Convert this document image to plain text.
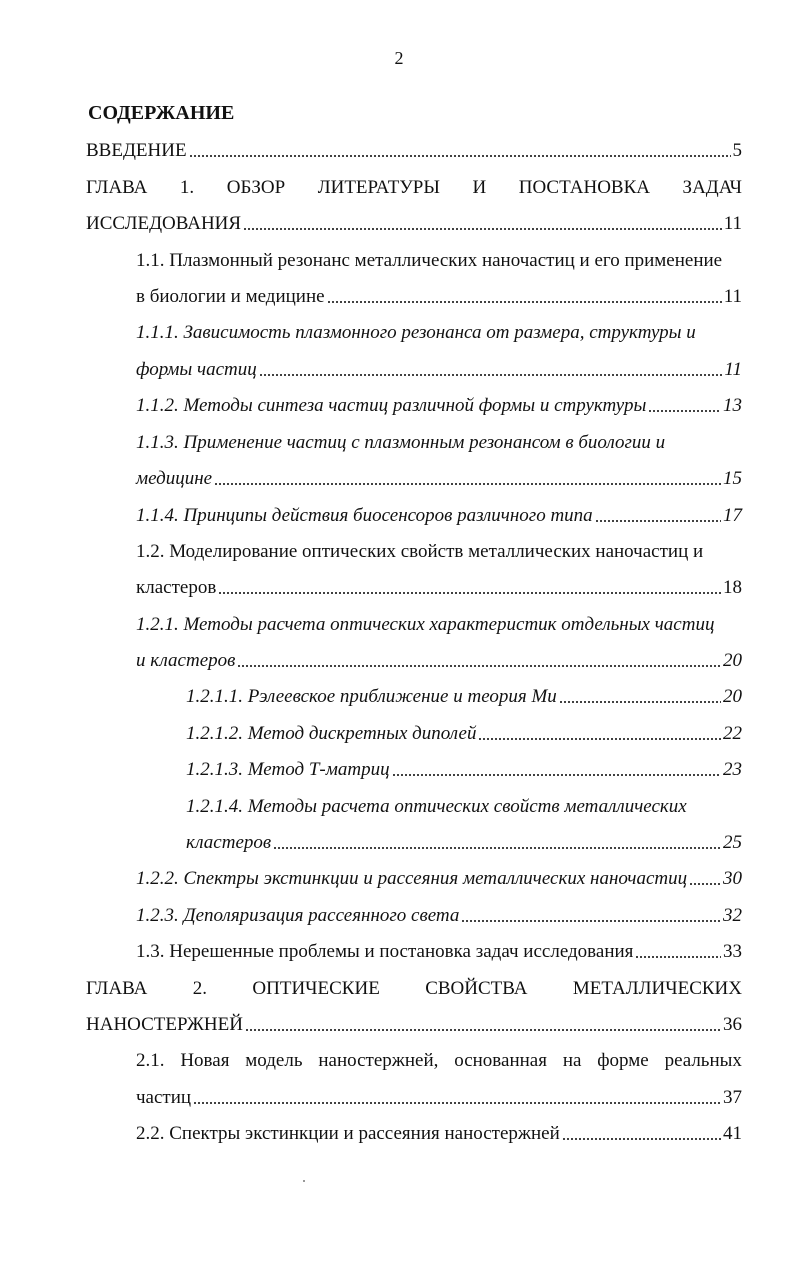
2
СОДЕРЖАНИЕ
ВВЕДЕНИЕ	5
ГЛАВА 1. ОБЗОР ЛИТЕРАТУРЫ И ПОСТАНОВКА ЗАДАЧ
ИССЛЕДОВАНИЯ	11
1.1. Плазмонный резонанс металлических наночастиц и его применение
в биологии и медицине	11
1.1.1. Зависимость плазмонного резонанса от размера, структуры и
формы частиц	11
1.1.2. Методы синтеза частиц различной формы и структуры	13
1.1.3. Применение частиц с плазмонным резонансом в биологии и
медицине	15
1.1.4. Принципы действия биосенсоров различного типа	17
1.2. Моделирование оптических свойств металлических наночастиц и
кластеров	18
1.2.1. Методы расчета оптических характеристик отдельных частиц
и кластеров	20
1.2.1.1. Рэлеевское приближение и теория Ми	20
1.2.1.2. Метод дискретных диполей	22
1.2.1.3. Метод Т-матриц	23
1.2.1.4. Методы расчета оптических свойств металлических
кластеров	25
1.2.2. Спектры экстинкции и рассеяния металлических наночастиц 30
1.2.3. Деполяризация рассеянного света	32
1.3. Нерешенные проблемы и постановка задач исследования	33
ГЛАВА 2. ОПТИЧЕСКИЕ СВОЙСТВА МЕТАЛЛИЧЕСКИХ
НАНОСТЕРЖНЕЙ	36
2.1. Новая модель наностержней, основанная на форме реальных
частиц	37
2.2. Спектры экстинкции и рассеяния наностержней	41
